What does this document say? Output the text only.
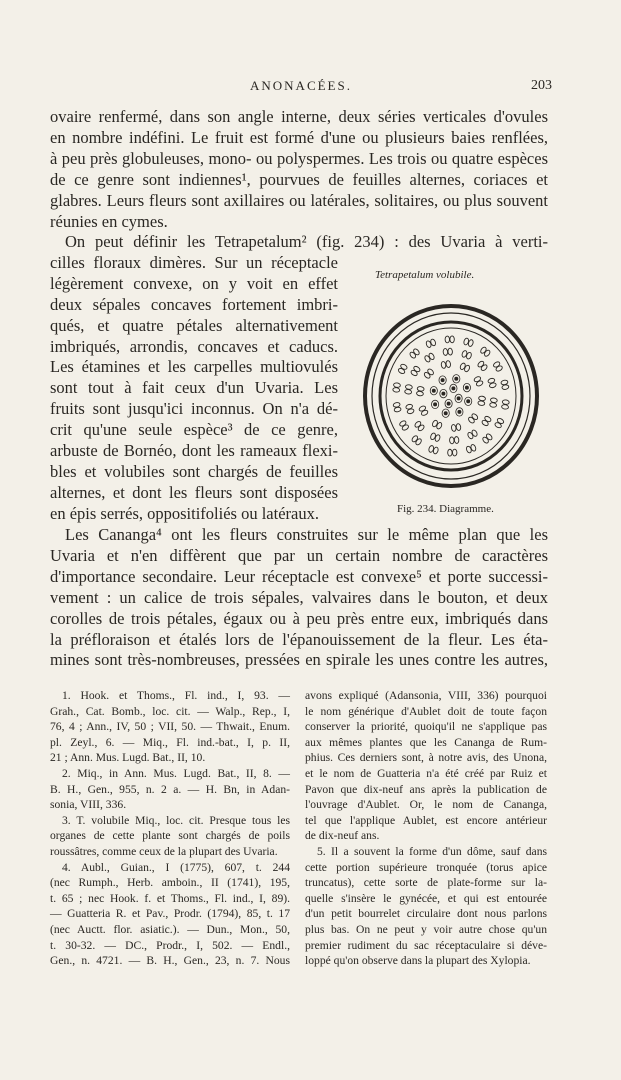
ANONACÉES.	203
ovaire renfermé, dans son angle interne, deux séries verticales d'ovules
en nombre indéfini. Le fruit est formé d'une ou plusieurs baies renflées,
à peu près globuleuses, mono- ou polyspermes. Les trois ou quatre espèces
de ce genre sont indiennes¹, pourvues de feuilles alternes, coriaces et
glabres. Leurs fleurs sont axillaires ou latérales, solitaires, ou plus souvent
réunies en cymes.
On peut définir les Tetrapetalum² (fig. 234) : des Uvaria à verti-
cilles floraux dimères. Sur un réceptacle
légèrement convexe, on y voit en effet
deux sépales concaves fortement imbri-
qués, et quatre pétales alternativement
imbriqués, arrondis, concaves et caducs.
Les étamines et les carpelles multiovulés
sont tout à fait ceux d'un Uvaria. Les
fruits sont jusqu'ici inconnus. On n'a dé-
crit qu'une seule espèce³ de ce genre,
arbuste de Bornéo, dont les rameaux flexi-
bles et volubiles sont chargés de feuilles
alternes, et dont les fleurs sont disposées
en épis serrés, oppositifoliés ou latéraux.
Tetrapetalum volubile.
Fig. 234. Diagramme.
Les Cananga⁴ ont les fleurs construites sur le même plan que les
Uvaria et n'en diffèrent que par un certain nombre de caractères
d'importance secondaire. Leur réceptacle est convexe⁵ et porte successi-
vement : un calice de trois sépales, valvaires dans le bouton, et deux
corolles de trois pétales, égaux ou à peu près entre eux, imbriqués dans
la préfloraison et étalés lors de l'épanouissement de la fleur. Les éta-
mines sont très-nombreuses, pressées en spirale les unes contre les autres,
1. Hook. et Thoms., Fl. ind., I, 93. —
Grah., Cat. Bomb., loc. cit. — Walp., Rep., I,
76, 4 ; Ann., IV, 50 ; VII, 50. — Thwait., Enum.
pl. Zeyl., 6. — Miq., Fl. ind.-bat., I, p. II,
21 ; Ann. Mus. Lugd. Bat., II, 10.
2. Miq., in Ann. Mus. Lugd. Bat., II, 8. —
B. H., Gen., 955, n. 2 a. — H. Bn, in Adan-
sonia, VIII, 336.
3. T. volubile Miq., loc. cit. Presque tous les
organes de cette plante sont chargés de poils
roussâtres, comme ceux de la plupart des Uvaria.
4. Aubl., Guian., I (1775), 607, t. 244
(nec Rumph., Herb. amboin., II (1741), 195,
t. 65 ; nec Hook. f. et Thoms., Fl. ind., I, 89).
— Guatteria R. et Pav., Prodr. (1794), 85, t. 17
(nec Auctt. flor. asiatic.). — Dun., Mon., 50,
t. 30-32. — DC., Prodr., I, 502. — Endl.,
Gen., n. 4721. — B. H., Gen., 23, n. 7. Nous
avons expliqué (Adansonia, VIII, 336) pourquoi
le nom générique d'Aublet doit de toute façon
conserver la priorité, quoiqu'il ne s'applique pas
aux mêmes plantes que les Cananga de Rum-
phius. Ces derniers sont, à notre avis, des Unona,
et le nom de Guatteria n'a été créé par Ruiz et
Pavon que dix-neuf ans après la publication de
l'ouvrage d'Aublet. Or, le nom de Cananga,
tel que l'applique Aublet, est encore antérieur
de dix-neuf ans.
5. Il a souvent la forme d'un dôme, sauf dans
cette portion supérieure tronquée (torus apice
truncatus), cette sorte de plate-forme sur la-
quelle s'insère le gynécée, et qui est entourée
d'un petit bourrelet circulaire dont nous parlons
plus bas. On ne peut y voir autre chose qu'un
premier rudiment du sac réceptaculaire si déve-
loppé qu'on observe dans la plupart des Xylopia.
